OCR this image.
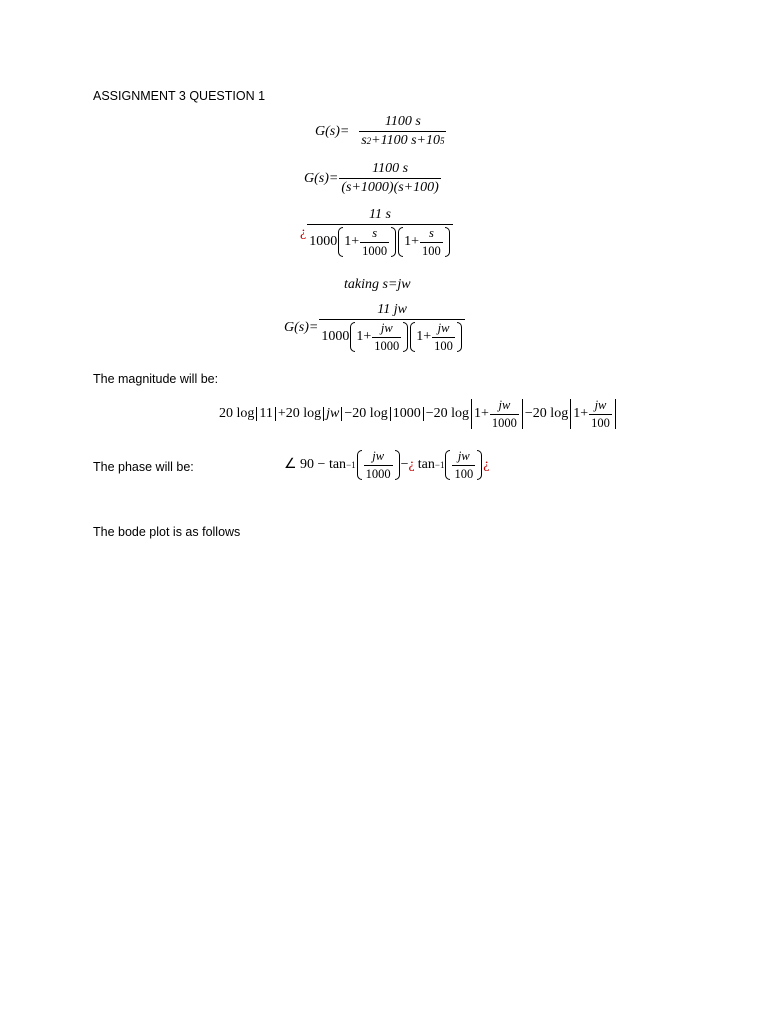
ASSIGNMENT 3 QUESTION 1
$G(s)= \frac{1100 s}{s 2 +1100 s+10 5}$
$G(s)= \frac{1100 s}{(s+1000)(s+100)}$
¿ $\frac{11 s}{1000 1+ \frac{s}{1000} 1+ \frac{s}{100}}$
taking s=jw
$G(s)= \frac{11 jw}{1000 1+ \frac{jw}{1000} 1+ \frac{jw}{100}}$
The magnitude will be:
20 log 11 +20 log jw −20 log 1000 −20 $\log 1+ \frac{jw}{1000} -20$ $\log 1+ \frac{jw}{100}$
The phase will be:	∠ $90 - \tan -1 \frac{jw}{1000}$ − ¿ $\tan -1 \frac{jw}{100}$ ¿
The bode plot is as follows
